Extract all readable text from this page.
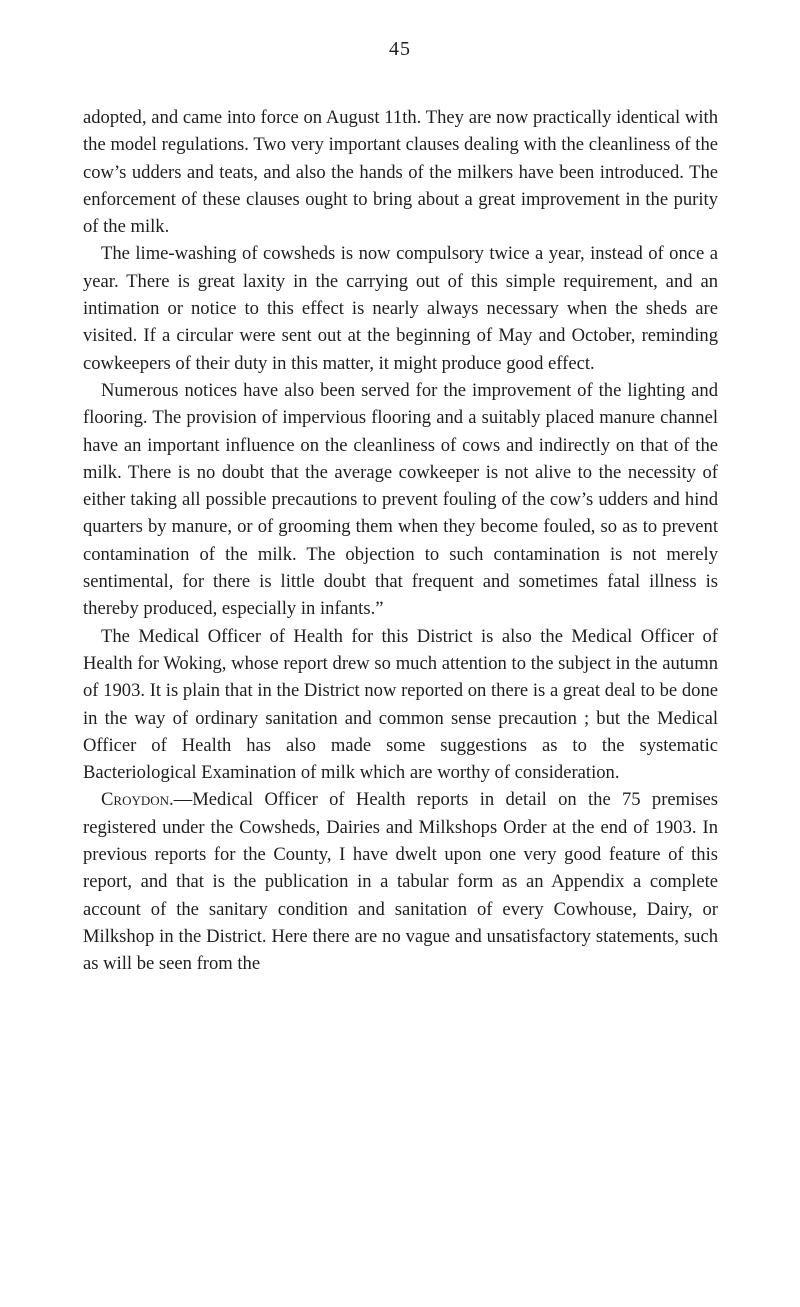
45

adopted, and came into force on August 11th. They are now practically identical with the model regulations. Two very important clauses dealing with the cleanliness of the cow’s udders and teats, and also the hands of the milkers have been introduced. The enforcement of these clauses ought to bring about a great improvement in the purity of the milk.

The lime-washing of cowsheds is now compulsory twice a year, instead of once a year. There is great laxity in the carrying out of this simple requirement, and an intimation or notice to this effect is nearly always necessary when the sheds are visited. If a circular were sent out at the beginning of May and October, reminding cowkeepers of their duty in this matter, it might produce good effect.

Numerous notices have also been served for the improvement of the lighting and flooring. The provision of impervious flooring and a suitably placed manure channel have an important influence on the cleanliness of cows and indirectly on that of the milk. There is no doubt that the average cowkeeper is not alive to the necessity of either taking all possible precautions to prevent fouling of the cow’s udders and hind quarters by manure, or of grooming them when they become fouled, so as to prevent contamination of the milk. The objection to such contamination is not merely sentimental, for there is little doubt that frequent and sometimes fatal illness is thereby produced, especially in infants.”

The Medical Officer of Health for this District is also the Medical Officer of Health for Woking, whose report drew so much attention to the subject in the autumn of 1903. It is plain that in the District now reported on there is a great deal to be done in the way of ordinary sanitation and common sense precaution ; but the Medical Officer of Health has also made some suggestions as to the systematic Bacteriological Examination of milk which are worthy of consideration.

Croydon.—Medical Officer of Health reports in detail on the 75 premises registered under the Cowsheds, Dairies and Milkshops Order at the end of 1903. In previous reports for the County, I have dwelt upon one very good feature of this report, and that is the publication in a tabular form as an Appendix a complete account of the sanitary condition and sanitation of every Cowhouse, Dairy, or Milkshop in the District. Here there are no vague and unsatisfactory statements, such as will be seen from the
